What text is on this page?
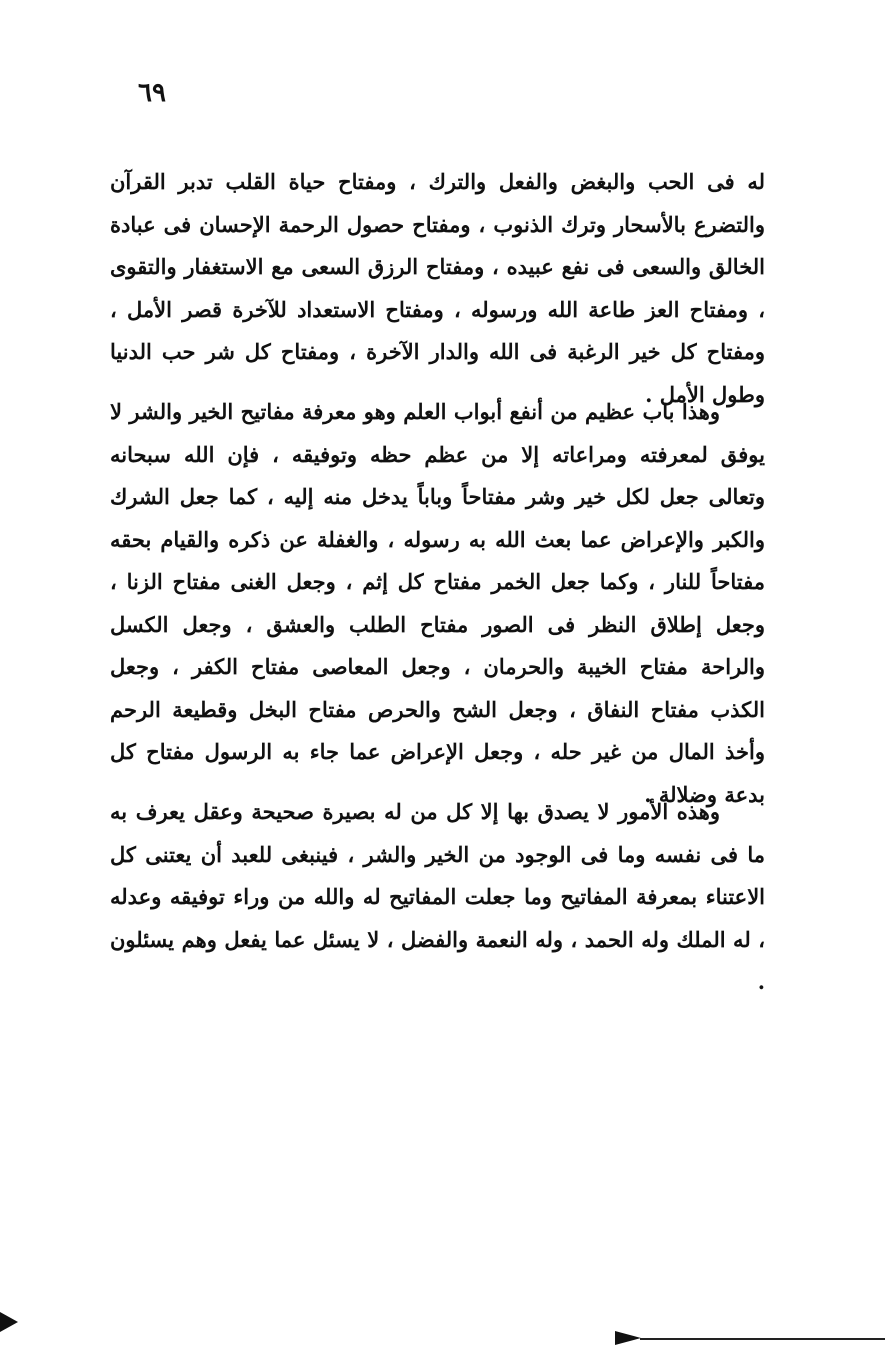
٦٩

له فى الحب والبغض والفعل والترك ، ومفتاح حياة القلب تدبر القرآن والتضرع بالأسحار وترك الذنوب ، ومفتاح حصول الرحمة الإحسان فى عبادة الخالق والسعى فى نفع عبيده ، ومفتاح الرزق السعى مع الاستغفار والتقوى ، ومفتاح العز طاعة الله ورسوله ، ومفتاح الاستعداد للآخرة قصر الأمل ، ومفتاح كل خير الرغبة فى الله والدار الآخرة ، ومفتاح كل شر حب الدنيا وطول الأمل .

وهذا باب عظيم من أنفع أبواب العلم وهو معرفة مفاتيح الخير والشر لا يوفق لمعرفته ومراعاته إلا من عظم حظه وتوفيقه ، فإن الله سبحانه وتعالى جعل لكل خير وشر مفتاحاً وباباً يدخل منه إليه ، كما جعل الشرك والكبر والإعراض عما بعث الله به رسوله ، والغفلة عن ذكره والقيام بحقه مفتاحاً للنار ، وكما جعل الخمر مفتاح كل إثم ، وجعل الغنى مفتاح الزنا ، وجعل إطلاق النظر فى الصور مفتاح الطلب والعشق ، وجعل الكسل والراحة مفتاح الخيبة والحرمان ، وجعل المعاصى مفتاح الكفر ، وجعل الكذب مفتاح النفاق ، وجعل الشح والحرص مفتاح البخل وقطيعة الرحم وأخذ المال من غير حله ، وجعل الإعراض عما جاء به الرسول مفتاح كل بدعة وضلالة .

وهذه الأمور لا يصدق بها إلا كل من له بصيرة صحيحة وعقل يعرف به ما فى نفسه وما فى الوجود من الخير والشر ، فينبغى للعبد أن يعتنى كل الاعتناء بمعرفة المفاتيح وما جعلت المفاتيح له والله من وراء توفيقه وعدله ، له الملك وله الحمد ، وله النعمة والفضل ، لا يسئل عما يفعل وهم يسئلون .
